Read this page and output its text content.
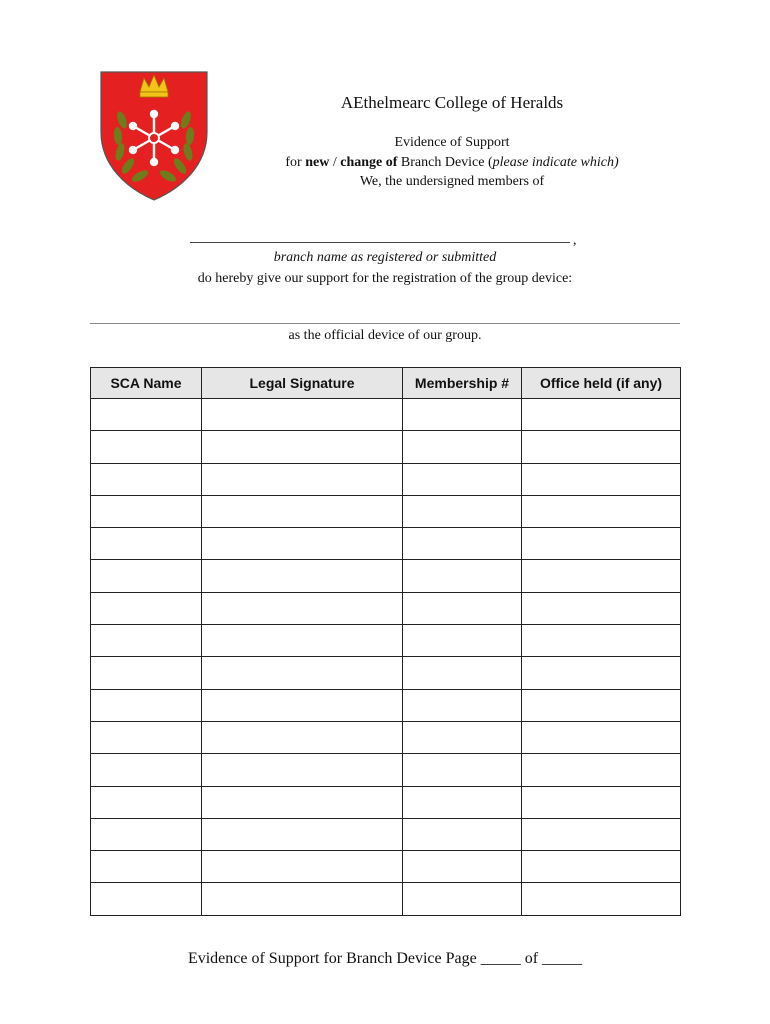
AEthelmearc College of Heralds
Evidence of Support
for new / change of Branch Device (please indicate which)
We, the undersigned members of
,
branch name as registered or submitted
do hereby give our support for the registration of the group device:
as the official device of our group.
SCA Name	Legal Signature	Membership #	Office held (if any)

Evidence of Support for Branch Device Page _____ of _____
